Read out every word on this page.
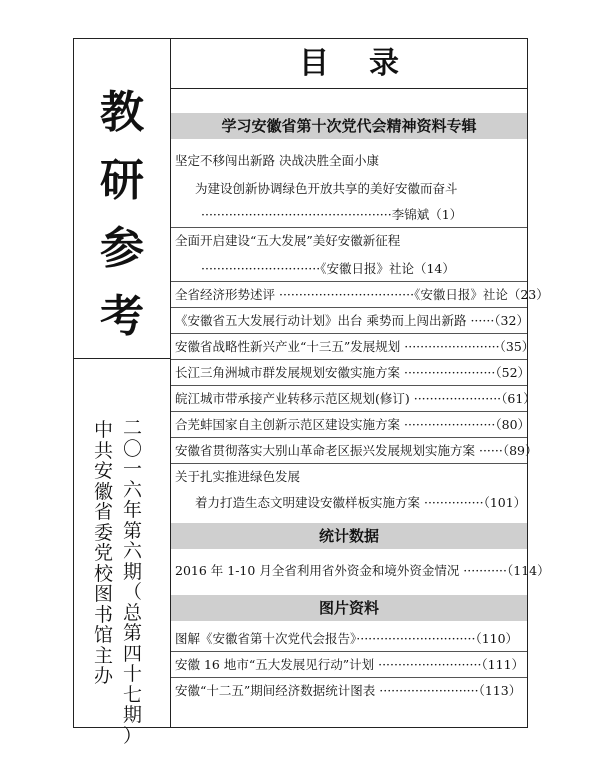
教
研
参
考
二
〇
一
六
年
第
六
期
（
总
第
四
十
七
期
）
中
共
安
徽
省
委
党
校
图
书
馆
主
办
目录
学习安徽省第十次党代会精神资料专辑
坚定不移闯出新路 决战决胜全面小康
为建设创新协调绿色开放共享的美好安徽而奋斗
················································李锦斌（1）
全面开启建设“五大发展”美好安徽新征程
······························《安徽日报》社论（14）
全省经济形势述评 ··································《安徽日报》社论（23）
《安徽省五大发展行动计划》出台 乘势而上闯出新路 ······（32）
安徽省战略性新兴产业“十三五”发展规划 ························（35）
长江三角洲城市群发展规划安徽实施方案 ·······················（52）
皖江城市带承接产业转移示范区规划(修订) ······················（61）
合芜蚌国家自主创新示范区建设实施方案 ·······················（80）
安徽省贯彻落实大别山革命老区振兴发展规划实施方案 ······（89）
关于扎实推进绿色发展
着力打造生态文明建设安徽样板实施方案 ···············（101）
统计数据
2016 年 1-10 月全省利用省外资金和境外资金情况 ···········（114）
图片资料
图解《安徽省第十次党代会报告》······························（110）
安徽 16 地市“五大发展见行动”计划 ··························（111）
安徽“十二五”期间经济数据统计图表 ·························（113）
